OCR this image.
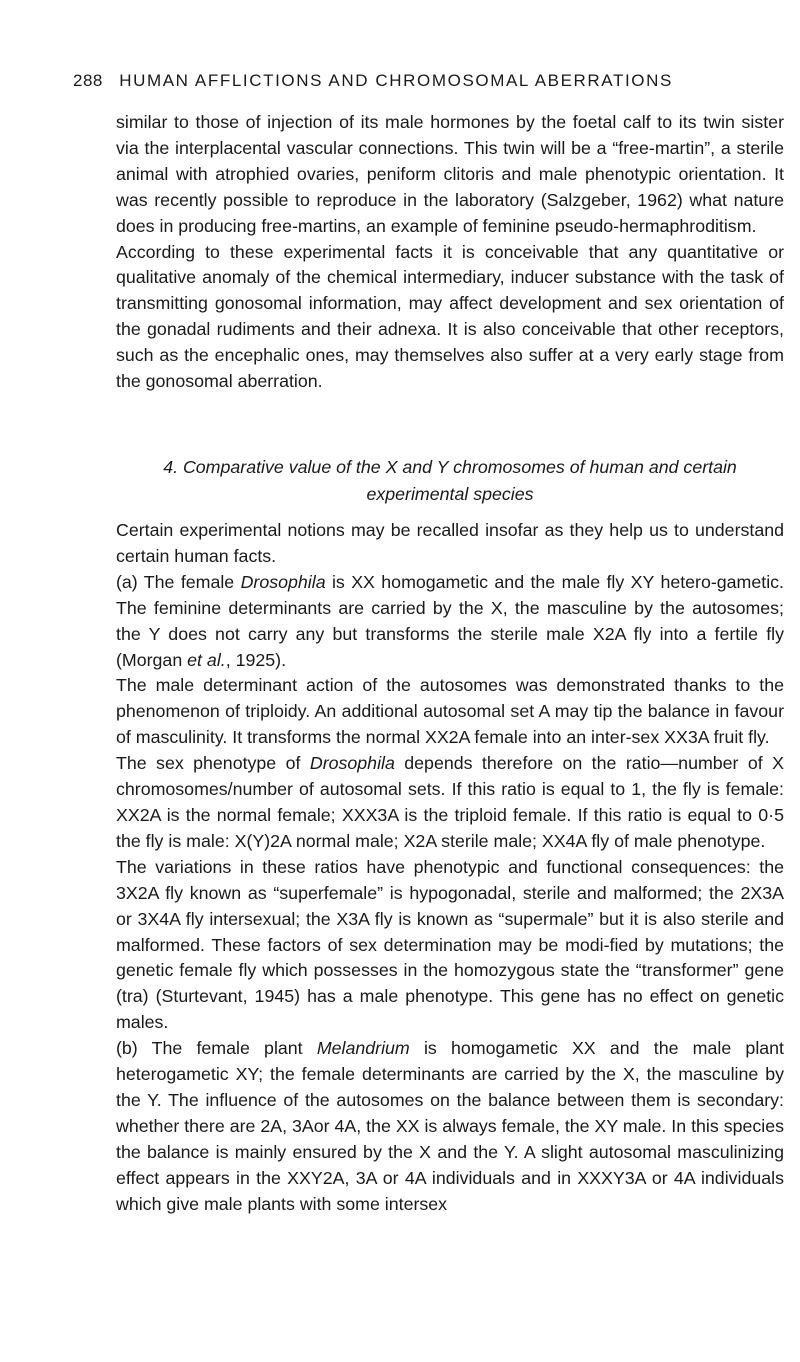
288 HUMAN AFFLICTIONS AND CHROMOSOMAL ABERRATIONS

similar to those of injection of its male hormones by the foetal calf to its twin sister via the interplacental vascular connections. This twin will be a “free-martin”, a sterile animal with atrophied ovaries, peniform clitoris and male phenotypic orientation. It was recently possible to reproduce in the laboratory (Salzgeber, 1962) what nature does in producing free-martins, an example of feminine pseudo-hermaphroditism.

According to these experimental facts it is conceivable that any quantitative or qualitative anomaly of the chemical intermediary, inducer substance with the task of transmitting gonosomal information, may affect development and sex orientation of the gonadal rudiments and their adnexa. It is also conceivable that other receptors, such as the encephalic ones, may themselves also suffer at a very early stage from the gonosomal aberration.

4. Comparative value of the X and Y chromosomes of human and certain
experimental species

Certain experimental notions may be recalled insofar as they help us to understand certain human facts.

(a) The female Drosophila is XX homogametic and the male fly XY hetero-gametic. The feminine determinants are carried by the X, the masculine by the autosomes; the Y does not carry any but transforms the sterile male X2A fly into a fertile fly (Morgan et al., 1925).

The male determinant action of the autosomes was demonstrated thanks to the phenomenon of triploidy. An additional autosomal set A may tip the balance in favour of masculinity. It transforms the normal XX2A female into an inter-sex XX3A fruit fly.

The sex phenotype of Drosophila depends therefore on the ratio—number of X chromosomes/number of autosomal sets. If this ratio is equal to 1, the fly is female: XX2A is the normal female; XXX3A is the triploid female. If this ratio is equal to 0·5 the fly is male: X(Y)2A normal male; X2A sterile male; XX4A fly of male phenotype.

The variations in these ratios have phenotypic and functional consequences: the 3X2A fly known as “superfemale” is hypogonadal, sterile and malformed; the 2X3A or 3X4A fly intersexual; the X3A fly is known as “supermale” but it is also sterile and malformed. These factors of sex determination may be modi-fied by mutations; the genetic female fly which possesses in the homozygous state the “transformer” gene (tra) (Sturtevant, 1945) has a male phenotype. This gene has no effect on genetic males.

(b) The female plant Melandrium is homogametic XX and the male plant heterogametic XY; the female determinants are carried by the X, the masculine by the Y. The influence of the autosomes on the balance between them is secondary: whether there are 2A, 3Aor 4A, the XX is always female, the XY male. In this species the balance is mainly ensured by the X and the Y. A slight autosomal masculinizing effect appears in the XXY2A, 3A or 4A individuals and in XXXY3A or 4A individuals which give male plants with some intersex
